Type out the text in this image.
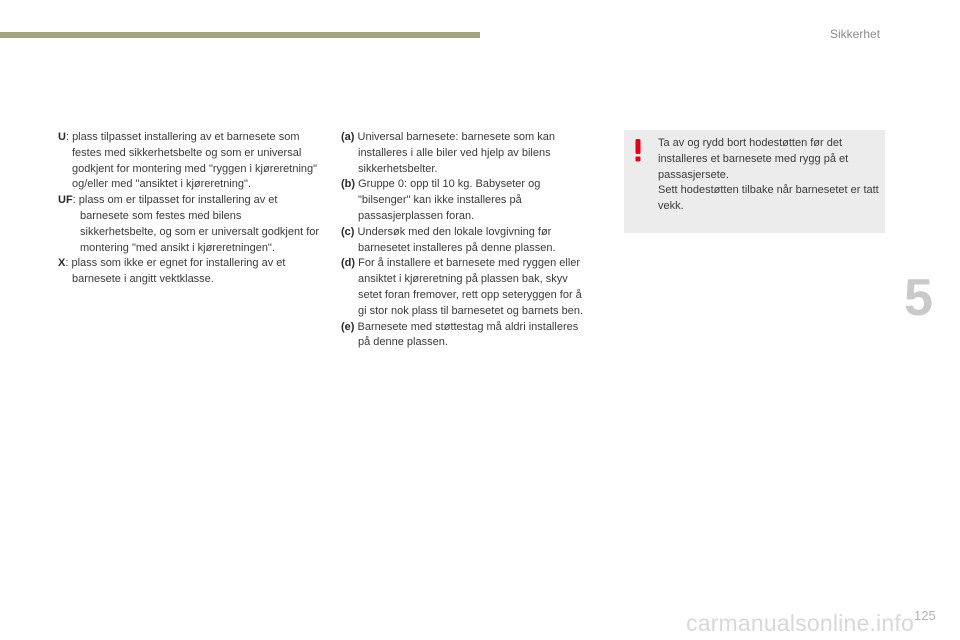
Sikkerhet
5

U: plass tilpasset installering av et barnesete som festes med sikkerhetsbelte og som er universal godkjent for montering med "ryggen i kjøreretning" og/eller med "ansiktet i kjøreretning".

UF: plass om er tilpasset for installering av et barnesete som festes med bilens sikkerhetsbelte, og som er universalt godkjent for montering "med ansikt i kjøreretningen".

X: plass som ikke er egnet for installering av et barnesete i angitt vektklasse.

(a) Universal barnesete: barnesete som kan installeres i alle biler ved hjelp av bilens sikkerhetsbelter.

(b) Gruppe 0: opp til 10 kg. Babyseter og "bilsenger" kan ikke installeres på passasjerplassen foran.

(c) Undersøk med den lokale lovgivning før barnesetet installeres på denne plassen.

(d) For å installere et barnesete med ryggen eller ansiktet i kjøreretning på plassen bak, skyv setet foran fremover, rett opp seteryggen for å gi stor nok plass til barnesetet og barnets ben.

(e) Barnesete med støttestag må aldri installeres på denne plassen.

Ta av og rydd bort hodestøtten før det installeres et barnesete med rygg på et passasjersete.
Sett hodestøtten tilbake når barnesetet er tatt vekk.
carmanualsonline.info 125
